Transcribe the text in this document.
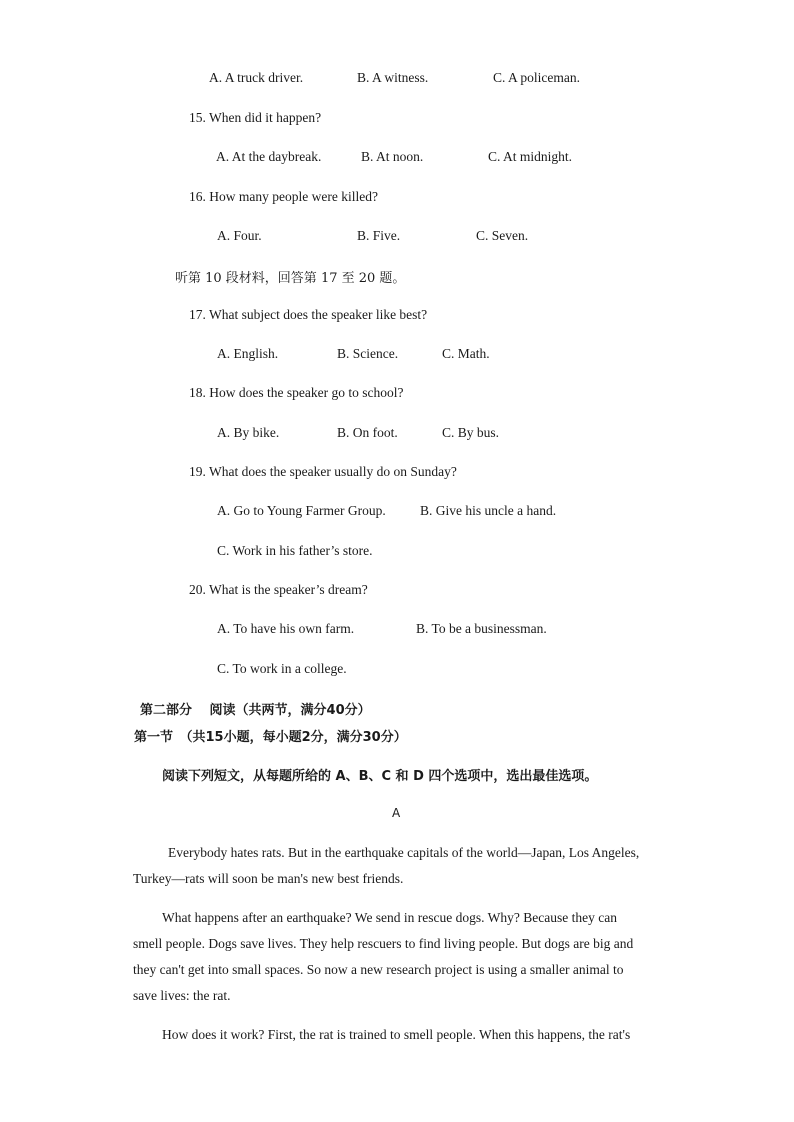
A. A truck driver.	B. A witness.	C. A policeman.
15. When did it happen?
A. At the daybreak.	B. At noon.	C. At midnight.
16. How many people were killed?
A. Four.	B. Five.	C. Seven.
听第 10 段材料，回答第 17 至 20 题。
17. What subject does the speaker like best?
A. English.	B. Science.	C. Math.
18. How does the speaker go to school?
A. By bike.	B. On foot.	C. By bus.
19. What does the speaker usually do on Sunday?
A. Go to Young Farmer Group.	B. Give his uncle a hand.
C. Work in his father’s store.
20. What is the speaker’s dream?
A. To have his own farm.	B. To be a businessman.
C. To work in a college.
第二部分　 阅读（共两节，满分40分）
第一节　（共15小题，每小题2分，满分30分）
阅读下列短文，从每题所给的 A、B、C 和 D 四个选项中，选出最佳选项。
A
Everybody hates rats. But in the earthquake capitals of the world—Japan, Los Angeles,
Turkey—rats will soon be man's new best friends.
What happens after an earthquake? We send in rescue dogs. Why? Because they can
smell people. Dogs save lives. They help rescuers to find living people. But dogs are big and
they can't get into small spaces. So now a new research project is using a smaller animal to
save lives: the rat.
How does it work? First, the rat is trained to smell people. When this happens, the rat's
